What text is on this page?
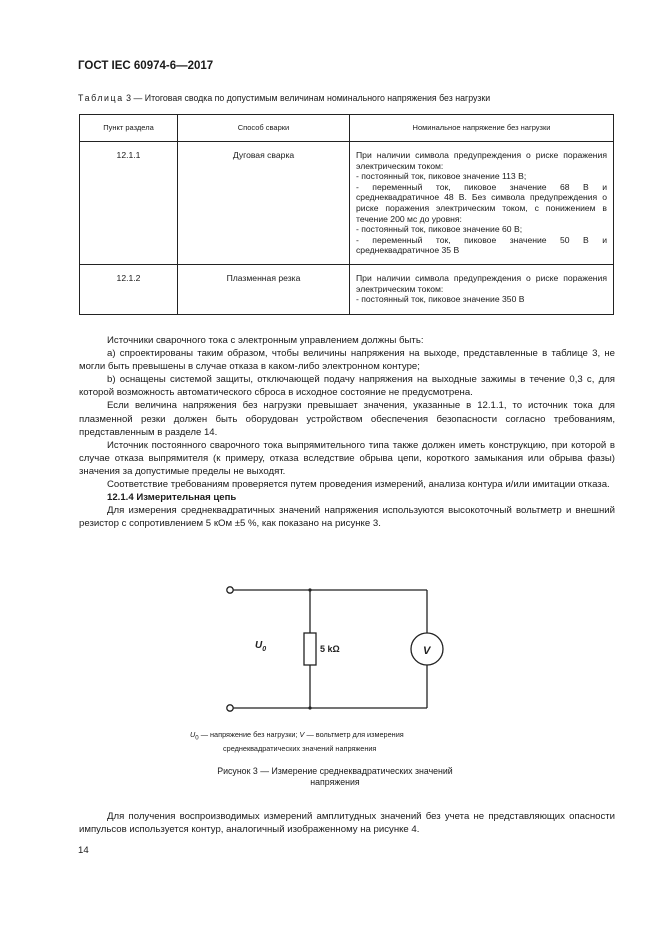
ГОСТ IEC 60974-6—2017
Таблица 3 — Итоговая сводка по допустимым величинам номинального напряжения без нагрузки
Пункт раздела	Способ сварки	Номинальное напряжение без нагрузки
12.1.1	Дуговая сварка	При наличии символа предупреждения о риске поражения электрическим током:
- постоянный ток, пиковое значение 113 В;
- переменный ток, пиковое значение 68 В и среднеквадратичное 48 В. Без символа предупреждения о риске поражения электрическим током, с понижением в течение 200 мс до уровня:
- постоянный ток, пиковое значение 60 В;
- переменный ток, пиковое значение 50 В и среднеквадратичное 35 В
12.1.2	Плазменная резка	При наличии символа предупреждения о риске поражения электрическим током:
- постоянный ток, пиковое значение 350 В

Источники сварочного тока с электронным управлением должны быть:

a) спроектированы таким образом, чтобы величины напряжения на выходе, представленные в таблице 3, не могли быть превышены в случае отказа в каком-либо электронном контуре;

b) оснащены системой защиты, отключающей подачу напряжения на выходные зажимы в течение 0,3 с, для которой возможность автоматического сброса в исходное состояние не предусмотрена.

Если величина напряжения без нагрузки превышает значения, указанные в 12.1.1, то источник тока для плазменной резки должен быть оборудован устройством обеспечения безопасности согласно требованиям, представленным в разделе 14.

Источник постоянного сварочного тока выпрямительного типа также должен иметь конструкцию, при которой в случае отказа выпрямителя (к примеру, отказа вследствие обрыва цепи, короткого замыкания или обрыва фазы) значения за допустимые пределы не выходят.

Соответствие требованиям проверяется путем проведения измерений, анализа контура и/или имитации отказа.

12.1.4 Измерительная цепь

Для измерения среднеквадратичных значений напряжения используются высокоточный вольтметр и внешний резистор с сопротивлением 5 кОм ±5 %, как показано на рисунке 3.

$U_0$	5 kΩ	V
$U_0$ — напряжение без нагрузки; V — вольтметр для измерения
среднеквадратических значений напряжения
Рисунок 3 — Измерение среднеквадратических значений
напряжения

Для получения воспроизводимых измерений амплитудных значений без учета не представляющих опасности импульсов используется контур, аналогичный изображенному на рисунке 4.

14
